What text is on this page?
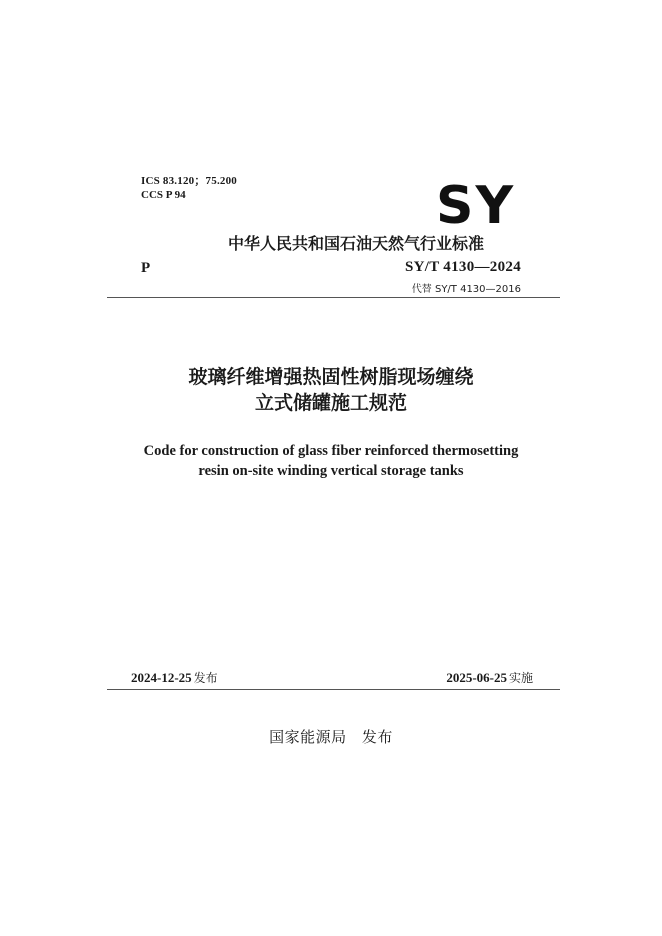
ICS 83.120；75.200
CCS P 94	SY
中华人民共和国石油天然气行业标准
P	SY/T 4130—2024
代替 SY/T 4130—2016
玻璃纤维增强热固性树脂现场缠绕
立式储罐施工规范
Code for construction of glass fiber reinforced thermosetting
resin on-site winding vertical storage tanks
2024-12-25 发布	2025-06-25 实施
国家能源局 发布
